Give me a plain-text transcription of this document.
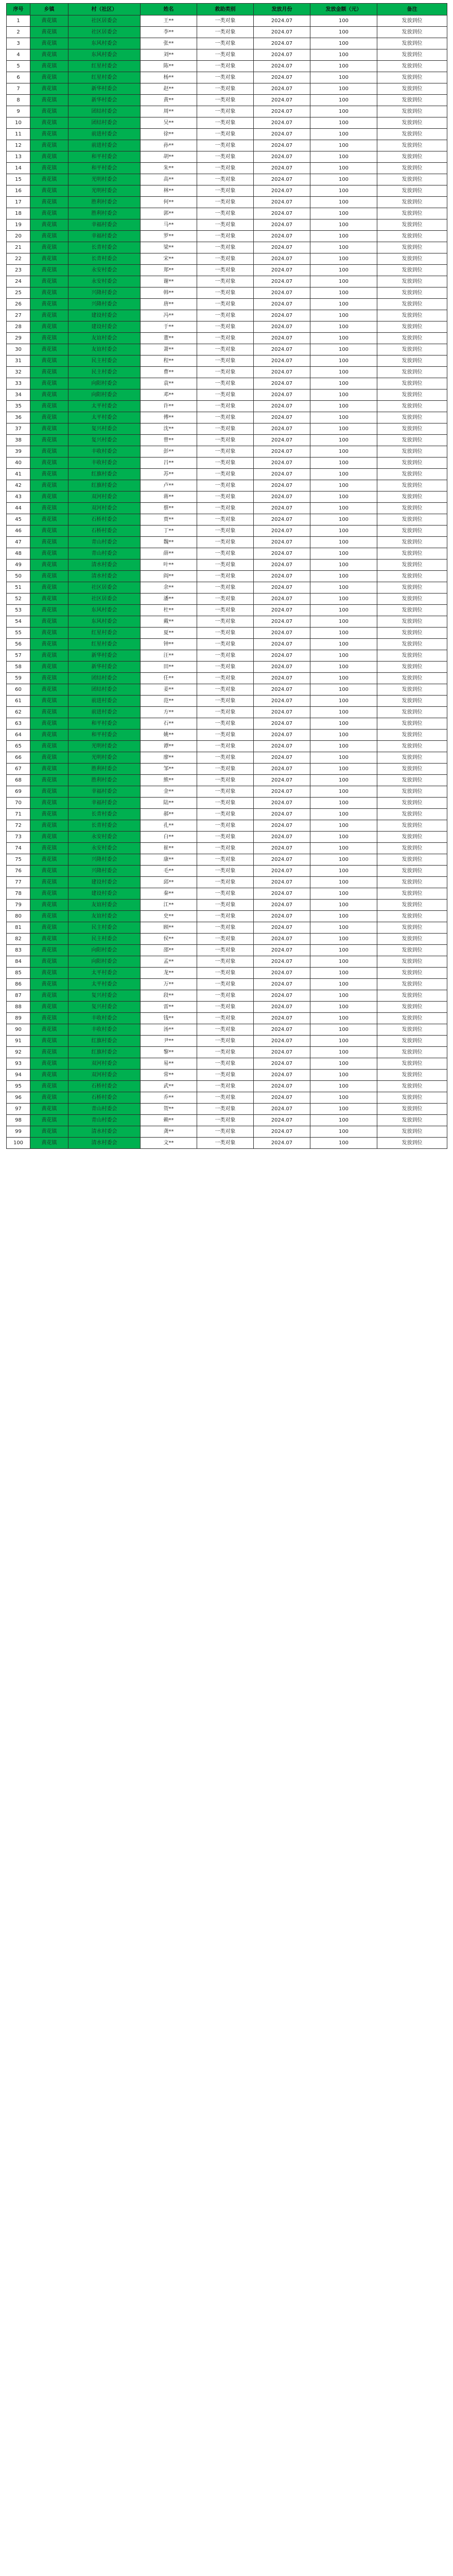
序号	乡镇	村（社区）	姓名	救助类别	发放月份	发放金额（元）	备注
1	黄花镇	社区居委会	王**	一类对象	2024.07	100	发放到位
2	黄花镇	社区居委会	李**	一类对象	2024.07	100	发放到位
3	黄花镇	东风村委会	张**	一类对象	2024.07	100	发放到位
4	黄花镇	东风村委会	刘**	一类对象	2024.07	100	发放到位
5	黄花镇	红星村委会	陈**	一类对象	2024.07	100	发放到位
6	黄花镇	红星村委会	杨**	一类对象	2024.07	100	发放到位
7	黄花镇	新华村委会	赵**	一类对象	2024.07	100	发放到位
8	黄花镇	新华村委会	黄**	一类对象	2024.07	100	发放到位
9	黄花镇	团结村委会	周**	一类对象	2024.07	100	发放到位
10	黄花镇	团结村委会	吴**	一类对象	2024.07	100	发放到位
11	黄花镇	前进村委会	徐**	一类对象	2024.07	100	发放到位
12	黄花镇	前进村委会	孙**	一类对象	2024.07	100	发放到位
13	黄花镇	和平村委会	胡**	一类对象	2024.07	100	发放到位
14	黄花镇	和平村委会	朱**	一类对象	2024.07	100	发放到位
15	黄花镇	光明村委会	高**	一类对象	2024.07	100	发放到位
16	黄花镇	光明村委会	林**	一类对象	2024.07	100	发放到位
17	黄花镇	胜利村委会	何**	一类对象	2024.07	100	发放到位
18	黄花镇	胜利村委会	郭**	一类对象	2024.07	100	发放到位
19	黄花镇	幸福村委会	马**	一类对象	2024.07	100	发放到位
20	黄花镇	幸福村委会	罗**	一类对象	2024.07	100	发放到位
21	黄花镇	长青村委会	梁**	一类对象	2024.07	100	发放到位
22	黄花镇	长青村委会	宋**	一类对象	2024.07	100	发放到位
23	黄花镇	永安村委会	郑**	一类对象	2024.07	100	发放到位
24	黄花镇	永安村委会	谢**	一类对象	2024.07	100	发放到位
25	黄花镇	兴隆村委会	韩**	一类对象	2024.07	100	发放到位
26	黄花镇	兴隆村委会	唐**	一类对象	2024.07	100	发放到位
27	黄花镇	建设村委会	冯**	一类对象	2024.07	100	发放到位
28	黄花镇	建设村委会	于**	一类对象	2024.07	100	发放到位
29	黄花镇	友谊村委会	董**	一类对象	2024.07	100	发放到位
30	黄花镇	友谊村委会	萧**	一类对象	2024.07	100	发放到位
31	黄花镇	民主村委会	程**	一类对象	2024.07	100	发放到位
32	黄花镇	民主村委会	曹**	一类对象	2024.07	100	发放到位
33	黄花镇	向阳村委会	袁**	一类对象	2024.07	100	发放到位
34	黄花镇	向阳村委会	邓**	一类对象	2024.07	100	发放到位
35	黄花镇	太平村委会	许**	一类对象	2024.07	100	发放到位
36	黄花镇	太平村委会	傅**	一类对象	2024.07	100	发放到位
37	黄花镇	复兴村委会	沈**	一类对象	2024.07	100	发放到位
38	黄花镇	复兴村委会	曾**	一类对象	2024.07	100	发放到位
39	黄花镇	丰收村委会	彭**	一类对象	2024.07	100	发放到位
40	黄花镇	丰收村委会	吕**	一类对象	2024.07	100	发放到位
41	黄花镇	红旗村委会	苏**	一类对象	2024.07	100	发放到位
42	黄花镇	红旗村委会	卢**	一类对象	2024.07	100	发放到位
43	黄花镇	双河村委会	蒋**	一类对象	2024.07	100	发放到位
44	黄花镇	双河村委会	蔡**	一类对象	2024.07	100	发放到位
45	黄花镇	石桥村委会	贾**	一类对象	2024.07	100	发放到位
46	黄花镇	石桥村委会	丁**	一类对象	2024.07	100	发放到位
47	黄花镇	青山村委会	魏**	一类对象	2024.07	100	发放到位
48	黄花镇	青山村委会	薛**	一类对象	2024.07	100	发放到位
49	黄花镇	清水村委会	叶**	一类对象	2024.07	100	发放到位
50	黄花镇	清水村委会	阎**	一类对象	2024.07	100	发放到位
51	黄花镇	社区居委会	余**	一类对象	2024.07	100	发放到位
52	黄花镇	社区居委会	潘**	一类对象	2024.07	100	发放到位
53	黄花镇	东风村委会	杜**	一类对象	2024.07	100	发放到位
54	黄花镇	东风村委会	戴**	一类对象	2024.07	100	发放到位
55	黄花镇	红星村委会	夏**	一类对象	2024.07	100	发放到位
56	黄花镇	红星村委会	钟**	一类对象	2024.07	100	发放到位
57	黄花镇	新华村委会	汪**	一类对象	2024.07	100	发放到位
58	黄花镇	新华村委会	田**	一类对象	2024.07	100	发放到位
59	黄花镇	团结村委会	任**	一类对象	2024.07	100	发放到位
60	黄花镇	团结村委会	姜**	一类对象	2024.07	100	发放到位
61	黄花镇	前进村委会	范**	一类对象	2024.07	100	发放到位
62	黄花镇	前进村委会	方**	一类对象	2024.07	100	发放到位
63	黄花镇	和平村委会	石**	一类对象	2024.07	100	发放到位
64	黄花镇	和平村委会	姚**	一类对象	2024.07	100	发放到位
65	黄花镇	光明村委会	谭**	一类对象	2024.07	100	发放到位
66	黄花镇	光明村委会	廖**	一类对象	2024.07	100	发放到位
67	黄花镇	胜利村委会	邹**	一类对象	2024.07	100	发放到位
68	黄花镇	胜利村委会	熊**	一类对象	2024.07	100	发放到位
69	黄花镇	幸福村委会	金**	一类对象	2024.07	100	发放到位
70	黄花镇	幸福村委会	陆**	一类对象	2024.07	100	发放到位
71	黄花镇	长青村委会	郝**	一类对象	2024.07	100	发放到位
72	黄花镇	长青村委会	孔**	一类对象	2024.07	100	发放到位
73	黄花镇	永安村委会	白**	一类对象	2024.07	100	发放到位
74	黄花镇	永安村委会	崔**	一类对象	2024.07	100	发放到位
75	黄花镇	兴隆村委会	康**	一类对象	2024.07	100	发放到位
76	黄花镇	兴隆村委会	毛**	一类对象	2024.07	100	发放到位
77	黄花镇	建设村委会	邱**	一类对象	2024.07	100	发放到位
78	黄花镇	建设村委会	秦**	一类对象	2024.07	100	发放到位
79	黄花镇	友谊村委会	江**	一类对象	2024.07	100	发放到位
80	黄花镇	友谊村委会	史**	一类对象	2024.07	100	发放到位
81	黄花镇	民主村委会	顾**	一类对象	2024.07	100	发放到位
82	黄花镇	民主村委会	侯**	一类对象	2024.07	100	发放到位
83	黄花镇	向阳村委会	邵**	一类对象	2024.07	100	发放到位
84	黄花镇	向阳村委会	孟**	一类对象	2024.07	100	发放到位
85	黄花镇	太平村委会	龙**	一类对象	2024.07	100	发放到位
86	黄花镇	太平村委会	万**	一类对象	2024.07	100	发放到位
87	黄花镇	复兴村委会	段**	一类对象	2024.07	100	发放到位
88	黄花镇	复兴村委会	雷**	一类对象	2024.07	100	发放到位
89	黄花镇	丰收村委会	钱**	一类对象	2024.07	100	发放到位
90	黄花镇	丰收村委会	汤**	一类对象	2024.07	100	发放到位
91	黄花镇	红旗村委会	尹**	一类对象	2024.07	100	发放到位
92	黄花镇	红旗村委会	黎**	一类对象	2024.07	100	发放到位
93	黄花镇	双河村委会	易**	一类对象	2024.07	100	发放到位
94	黄花镇	双河村委会	常**	一类对象	2024.07	100	发放到位
95	黄花镇	石桥村委会	武**	一类对象	2024.07	100	发放到位
96	黄花镇	石桥村委会	乔**	一类对象	2024.07	100	发放到位
97	黄花镇	青山村委会	贺**	一类对象	2024.07	100	发放到位
98	黄花镇	青山村委会	赖**	一类对象	2024.07	100	发放到位
99	黄花镇	清水村委会	龚**	一类对象	2024.07	100	发放到位
100	黄花镇	清水村委会	文**	一类对象	2024.07	100	发放到位
